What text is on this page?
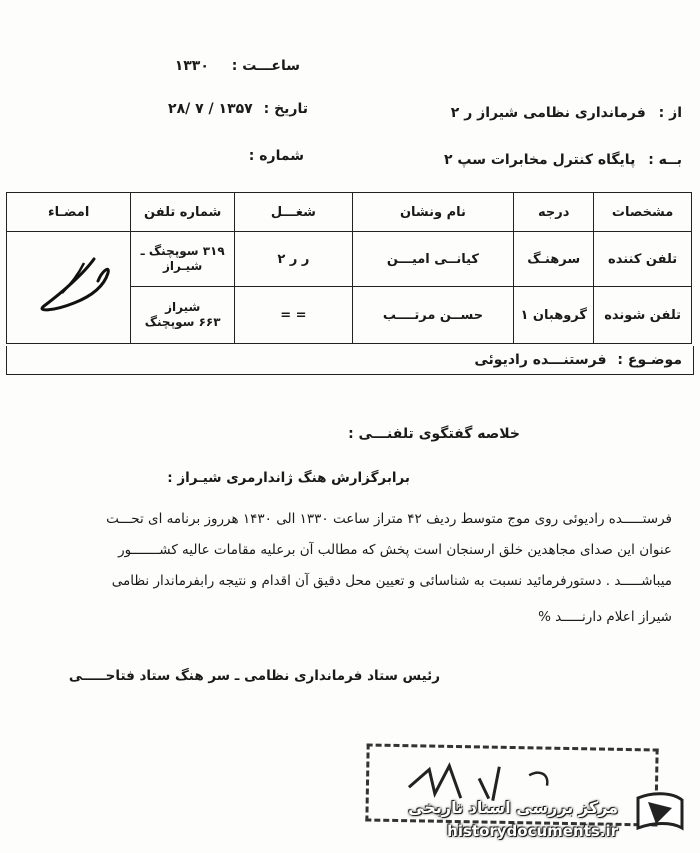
ساعـــت : ۱۳۳۰
از : فرمانداری نظامی شیراز ر ۲
تاریخ : ۲۸/ ۷ / ۱۳۵۷
بــه : پایگاه کنترل مخابرات سپ ۲
شماره :
مشخصات	درجه	نام ونشان	شغـــل	شماره تلفن	امضـاء
تلفن کننده	سرهنـگ	کیانــی امیـــن	ر ر ۲	۳۱۹ سوپچنگ ـ
شیـراز

تلفن شونده	گروهبان ۱	حســن مرتــــب	= =	شیراز
۶۶۳ سوپچنگ	
موضـوع : فرستنـــده رادیوئی
خلاصه گفتگوی تلفنـــی :
برابرگزارش هنگ ژاندارمری شیـراز :
فرستـــــده رادیوئی روی موج متوسط ردیف ۴۲ متراز ساعت ۱۳۳۰ الی ۱۴۳۰ هرروز برنامه ای تحـــت
عنوان این صدای مجاهدین خلق ارسنجان است پخش که مطالب آن برعلیه مقامات عالیه کشـــــــور
میباشـــــد . دستورفرمائید نسبت به شناسائی و تعیین محل دقیق آن اقدام و نتیجه رابفرماندار نظامی
شیراز اعلام دارنـــــد %
رئیس ستاد فرمانداری نظامی ـ سر هنگ ستاد فتاحـــــی
مرکز بررسی اسناد تاریخی
historydocuments.ir
